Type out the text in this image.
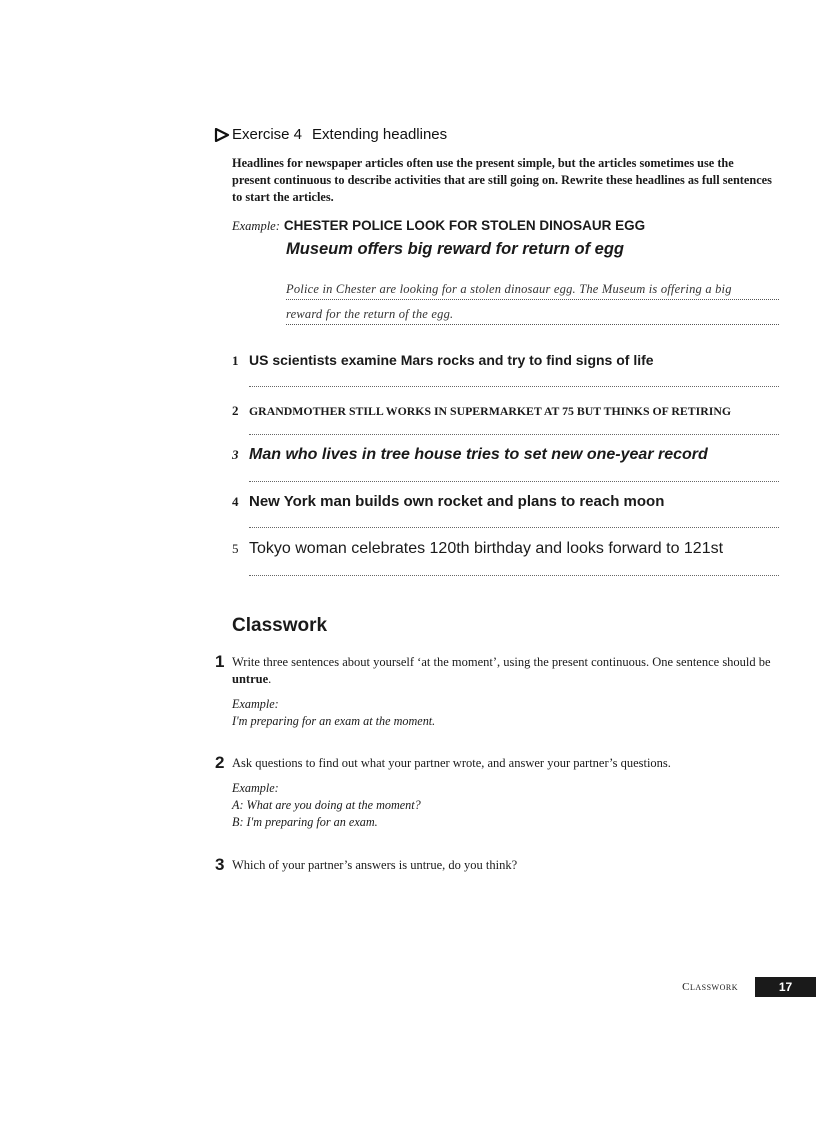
Exercise 4 Extending headlines
Headlines for newspaper articles often use the present simple, but the articles sometimes use the present continuous to describe activities that are still going on. Rewrite these headlines as full sentences to start the articles.
Example: CHESTER POLICE LOOK FOR STOLEN DINOSAUR EGG
Museum offers big reward for return of egg
Police in Chester are looking for a stolen dinosaur egg. The Museum is offering a big
reward for the return of the egg.
1 US scientists examine Mars rocks and try to find signs of life
2 GRANDMOTHER STILL WORKS IN SUPERMARKET AT 75 BUT THINKS OF RETIRING
3 Man who lives in tree house tries to set new one-year record
4 New York man builds own rocket and plans to reach moon
5 Tokyo woman celebrates 120th birthday and looks forward to 121st
Classwork
1 Write three sentences about yourself ‘at the moment’, using the present continuous. One sentence should be untrue.
Example:
I'm preparing for an exam at the moment.
2 Ask questions to find out what your partner wrote, and answer your partner’s questions.
Example:
A: What are you doing at the moment?
B: I'm preparing for an exam.
3 Which of your partner’s answers is untrue, do you think?
Classwork	17
